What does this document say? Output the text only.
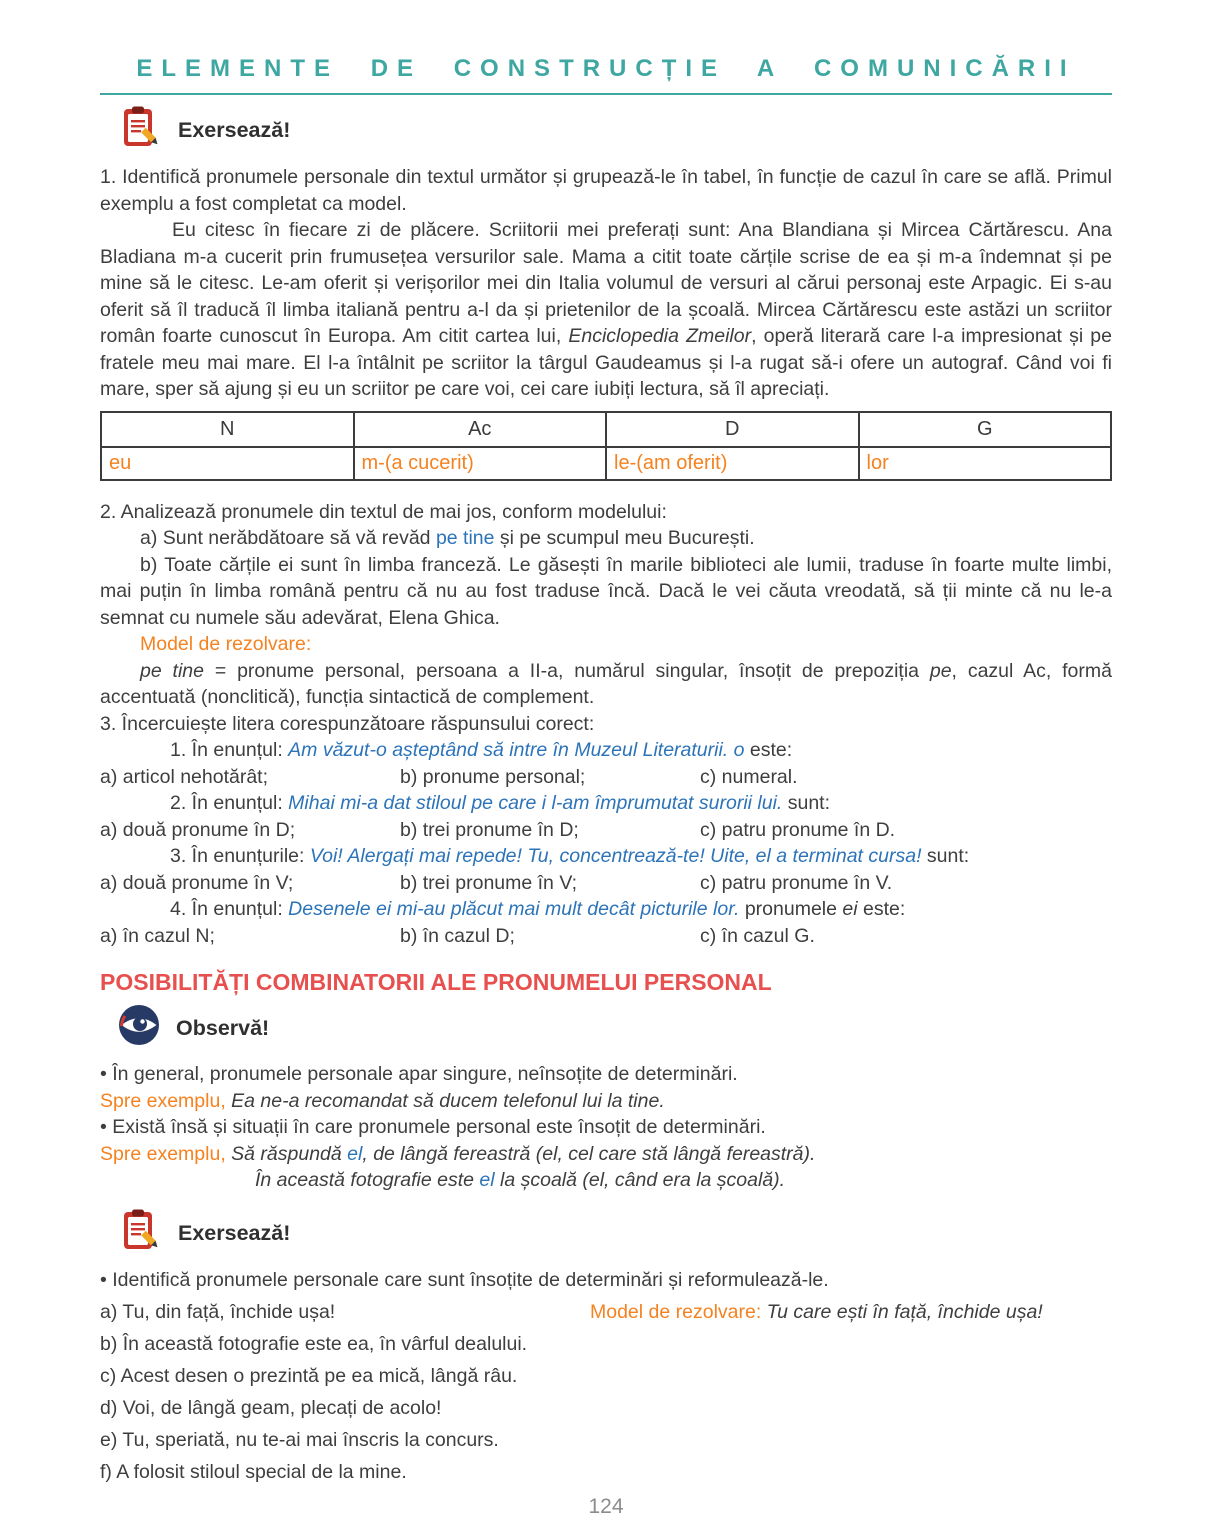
ELEMENTE DE CONSTRUCȚIE A COMUNICĂRII
Exersează!

1. Identifică pronumele personale din textul următor și grupează-le în tabel, în funcție de cazul în care se află. Primul exemplu a fost completat ca model.

Eu citesc în fiecare zi de plăcere. Scriitorii mei preferați sunt: Ana Blandiana și Mircea Cărtărescu. Ana Bladiana m-a cucerit prin frumusețea versurilor sale. Mama a citit toate cărțile scrise de ea și m-a îndemnat și pe mine să le citesc. Le-am oferit și verișorilor mei din Italia volumul de versuri al cărui personaj este Arpagic. Ei s-au oferit să îl traducă îl limba italiană pentru a-l da și prietenilor de la școală. Mircea Cărtărescu este astăzi un scriitor român foarte cunoscut în Europa. Am citit cartea lui, Enciclopedia Zmeilor, operă literară care l-a impresionat și pe fratele meu mai mare. El l-a întâlnit pe scriitor la târgul Gaudeamus și l-a rugat să-i ofere un autograf. Când voi fi mare, sper să ajung și eu un scriitor pe care voi, cei care iubiți lectura, să îl apreciați.

N	Ac	D	G
eu	m-(a cucerit)	le-(am oferit)	lor

2. Analizează pronumele din textul de mai jos, conform modelului:

a) Sunt nerăbdătoare să vă revăd pe tine și pe scumpul meu București.

b) Toate cărțile ei sunt în limba franceză. Le găsești în marile biblioteci ale lumii, traduse în foarte multe limbi, mai puțin în limba română pentru că nu au fost traduse încă. Dacă le vei căuta vreodată, să ții minte că nu le-a semnat cu numele său adevărat, Elena Ghica.

Model de rezolvare:

pe tine = pronume personal, persoana a II-a, numărul singular, însoțit de prepoziția pe, cazul Ac, formă accentuată (nonclitică), funcția sintactică de complement.

3. Încercuiește litera corespunzătoare răspunsului corect:

1. În enunțul: Am văzut-o așteptând să intre în Muzeul Literaturii. o este:

a) articol nehotărât;	b) pronume personal;	c) numeral.

2. În enunțul: Mihai mi-a dat stiloul pe care i l-am împrumutat surorii lui. sunt:

a) două pronume în D;	b) trei pronume în D;	c) patru pronume în D.

3. În enunțurile: Voi! Alergați mai repede! Tu, concentrează-te! Uite, el a terminat cursa! sunt:

a) două pronume în V;	b) trei pronume în V;	c) patru pronume în V.

4. În enunțul: Desenele ei mi-au plăcut mai mult decât picturile lor. pronumele ei este:

a) în cazul N;	b) în cazul D;	c) în cazul G.
POSIBILITĂȚI COMBINATORII ALE PRONUMELUI PERSONAL
Observă!

• În general, pronumele personale apar singure, neînsoțite de determinări.

Spre exemplu, Ea ne-a recomandat să ducem telefonul lui la tine.

• Există însă și situații în care pronumele personal este însoțit de determinări.

Spre exemplu, Să răspundă el, de lângă fereastră (el, cel care stă lângă fereastră).

În această fotografie este el la școală (el, când era la școală).

Exersează!

• Identifică pronumele personale care sunt însoțite de determinări și reformulează-le.

a) Tu, din față, închide ușa!	Model de rezolvare: Tu care ești în față, închide ușa!

b) În această fotografie este ea, în vârful dealului.

c) Acest desen o prezintă pe ea mică, lângă râu.

d) Voi, de lângă geam, plecați de acolo!

e) Tu, speriată, nu te-ai mai înscris la concurs.

f) A folosit stiloul special de la mine.

124
